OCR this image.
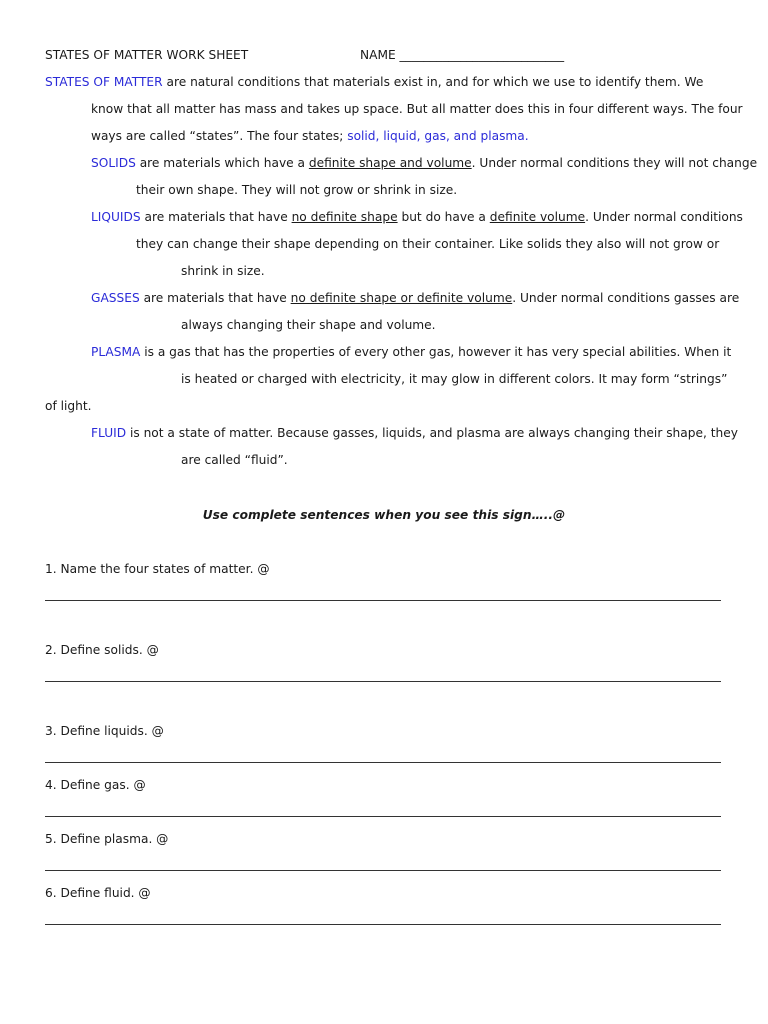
STATES OF MATTER WORK SHEET	NAME ___________________________
STATES OF MATTER are natural conditions that materials exist in, and for which we use to identify them. We
know that all matter has mass and takes up space. But all matter does this in four different ways. The four
ways are called “states”. The four states; solid, liquid, gas, and plasma.
SOLIDS are materials which have a definite shape and volume. Under normal conditions they will not change
their own shape. They will not grow or shrink in size.
LIQUIDS are materials that have no definite shape but do have a definite volume. Under normal conditions
they can change their shape depending on their container. Like solids they also will not grow or
shrink in size.
GASSES are materials that have no definite shape or definite volume. Under normal conditions gasses are
always changing their shape and volume.
PLASMA is a gas that has the properties of every other gas, however it has very special abilities. When it
is heated or charged with electricity, it may glow in different colors. It may form “strings”
of light.
FLUID is not a state of matter. Because gasses, liquids, and plasma are always changing their shape, they
are called “fluid”.
Use complete sentences when you see this sign…..@
1. Name the four states of matter. @
2. Define solids. @
3. Define liquids. @
4. Define gas. @
5. Define plasma. @
6. Define fluid. @
